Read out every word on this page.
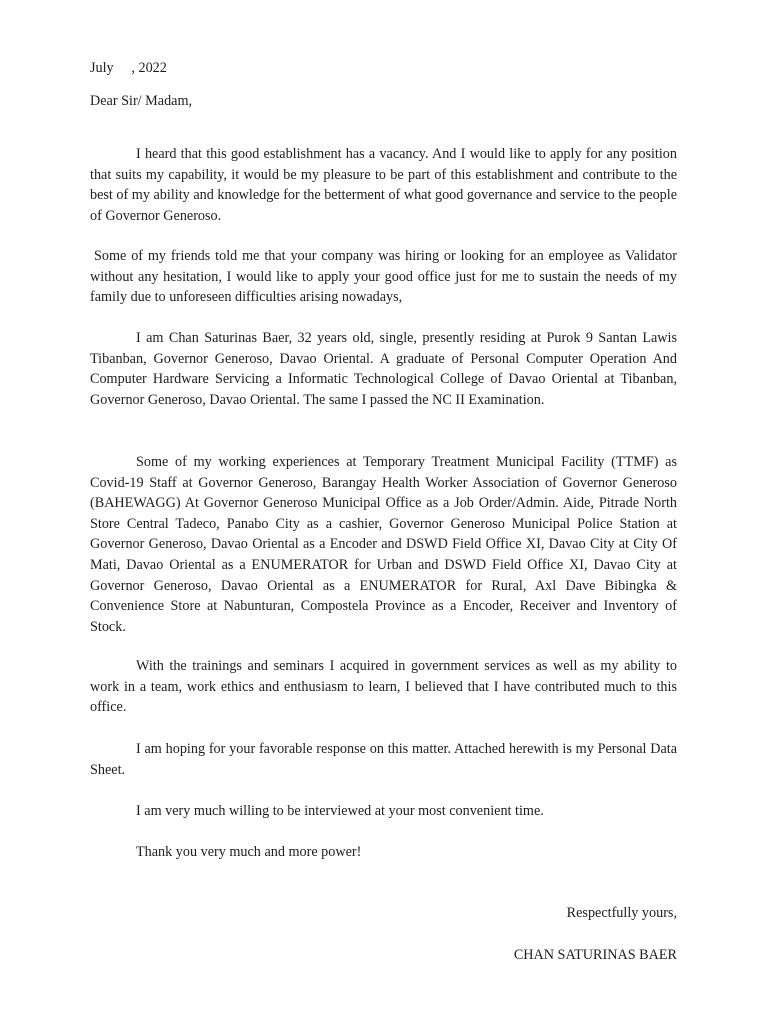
July     , 2022

Dear Sir/ Madam,

I heard that this good establishment has a vacancy. And I would like to apply for any position that suits my capability, it would be my pleasure to be part of this establishment and contribute to the best of my ability and knowledge for the betterment of what good governance and service to the people of Governor Generoso.

Some of my friends told me that your company was hiring or looking for an employee as Validator without any hesitation, I would like to apply your good office just for me to sustain the needs of my family due to unforeseen difficulties arising nowadays,

I am Chan Saturinas Baer, 32 years old, single, presently residing at Purok 9 Santan Lawis Tibanban, Governor Generoso, Davao Oriental. A graduate of Personal Computer Operation And Computer Hardware Servicing a Informatic Technological College of Davao Oriental at Tibanban, Governor Generoso, Davao Oriental. The same I passed the NC II Examination.

Some of my working experiences at Temporary Treatment Municipal Facility (TTMF) as Covid-19 Staff at Governor Generoso, Barangay Health Worker Association of Governor Generoso (BAHEWAGG) At Governor Generoso Municipal Office as a Job Order/Admin. Aide, Pitrade North Store Central Tadeco, Panabo City as a cashier, Governor Generoso Municipal Police Station at Governor Generoso, Davao Oriental as a Encoder and DSWD Field Office XI, Davao City at City Of Mati, Davao Oriental as a ENUMERATOR for Urban and DSWD Field Office XI, Davao City at Governor Generoso, Davao Oriental as a ENUMERATOR for Rural, Axl Dave Bibingka & Convenience Store at Nabunturan, Compostela Province as a Encoder, Receiver and Inventory of Stock.

With the trainings and seminars I acquired in government services as well as my ability to work in a team, work ethics and enthusiasm to learn, I believed that I have contributed much to this office.

I am hoping for your favorable response on this matter. Attached herewith is my Personal Data Sheet.

I am very much willing to be interviewed at your most convenient time.

Thank you very much and more power!

Respectfully yours,

CHAN SATURINAS BAER
